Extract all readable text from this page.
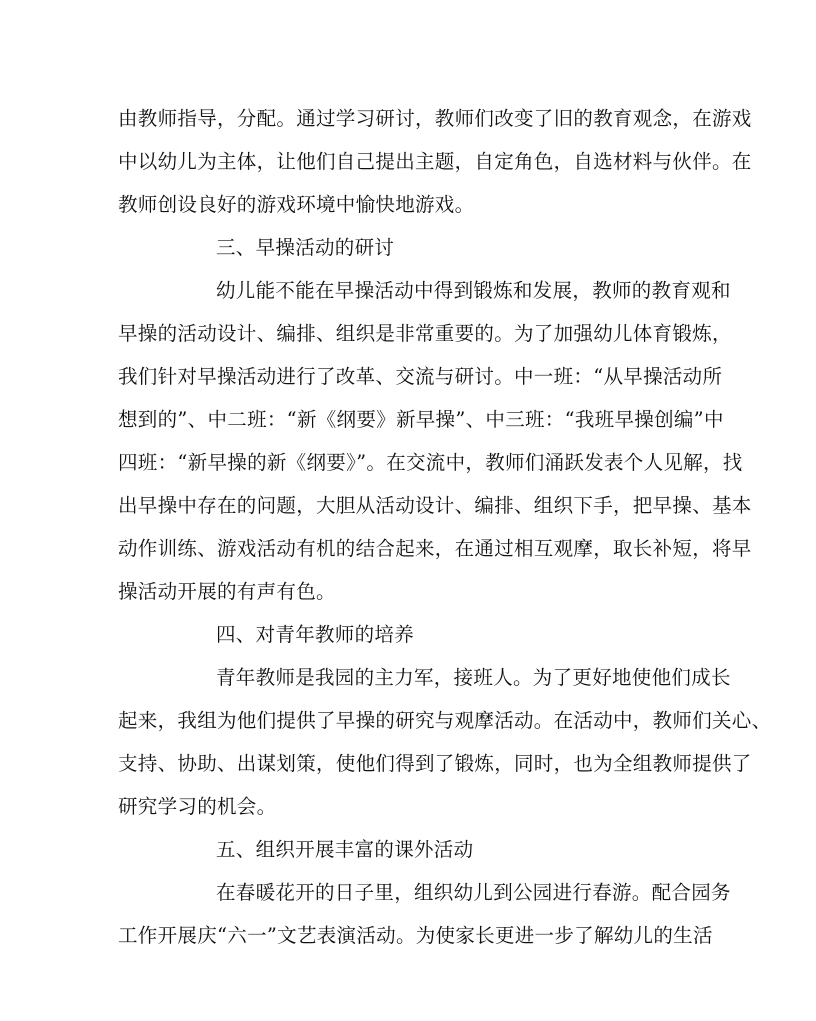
由教师指导，分配。通过学习研讨，教师们改变了旧的教育观念，在游戏
中以幼儿为主体，让他们自己提出主题，自定角色，自选材料与伙伴。在
教师创设良好的游戏环境中愉快地游戏。
三、早操活动的研讨
幼儿能不能在早操活动中得到锻炼和发展，教师的教育观和
早操的活动设计、编排、组织是非常重要的。为了加强幼儿体育锻炼，
我们针对早操活动进行了改革、交流与研讨。中一班：“从早操活动所
想到的”、中二班：“新《纲要》新早操”、中三班：“我班早操创编”中
四班：“新早操的新《纲要》”。在交流中，教师们涌跃发表个人见解，找
出早操中存在的问题，大胆从活动设计、编排、组织下手，把早操、基本
动作训练、游戏活动有机的结合起来，在通过相互观摩，取长补短，将早
操活动开展的有声有色。
四、对青年教师的培养
青年教师是我园的主力军，接班人。为了更好地使他们成长
起来，我组为他们提供了早操的研究与观摩活动。在活动中，教师们关心、
支持、协助、出谋划策，使他们得到了锻炼，同时，也为全组教师提供了
研究学习的机会。
五、组织开展丰富的课外活动
在春暖花开的日子里，组织幼儿到公园进行春游。配合园务
工作开展庆“六一”文艺表演活动。为使家长更进一步了解幼儿的生活
